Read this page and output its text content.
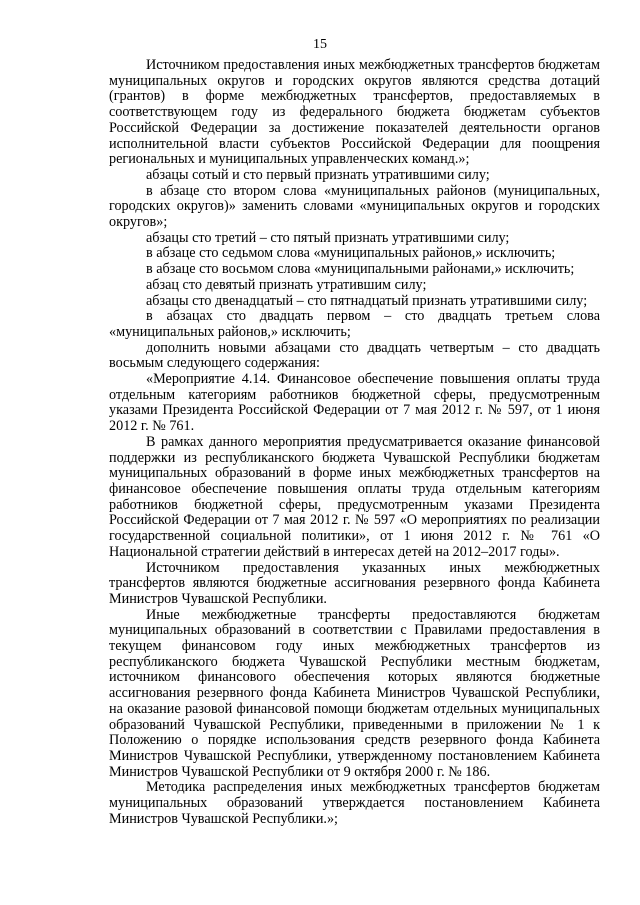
15

Источником предоставления иных межбюджетных трансфертов бюджетам муниципальных округов и городских округов являются средства дотаций (грантов) в форме межбюджетных трансфертов, предоставляемых в соответствующем году из федерального бюджета бюджетам субъектов Российской Федерации за достижение показателей деятельности органов исполнительной власти субъектов Российской Федерации для поощрения региональных и муниципальных управленческих команд.»;

абзацы сотый и сто первый признать утратившими силу;

в абзаце сто втором слова «муниципальных районов (муниципальных, городских округов)» заменить словами «муниципальных округов и городских округов»;

абзацы сто третий – сто пятый признать утратившими силу;

в абзаце сто седьмом слова «муниципальных районов,» исключить;

в абзаце сто восьмом слова «муниципальными районами,» исключить;

абзац сто девятый признать утратившим силу;

абзацы сто двенадцатый – сто пятнадцатый признать утратившими силу;

в абзацах сто двадцать первом – сто двадцать третьем слова «муниципальных районов,» исключить;

дополнить новыми абзацами сто двадцать четвертым – сто двадцать восьмым следующего содержания:

«Мероприятие 4.14. Финансовое обеспечение повышения оплаты труда отдельным категориям работников бюджетной сферы, предусмотренным указами Президента Российской Федерации от 7 мая 2012 г. № 597, от 1 июня 2012 г. № 761.

В рамках данного мероприятия предусматривается оказание финансовой поддержки из республиканского бюджета Чувашской Республики бюджетам муниципальных образований в форме иных межбюджетных трансфертов на финансовое обеспечение повышения оплаты труда отдельным категориям работников бюджетной сферы, предусмотренным указами Президента Российской Федерации от 7 мая 2012 г. № 597 «О мероприятиях по реализации государственной социальной политики», от 1 июня 2012 г. № 761 «О Национальной стратегии действий в интересах детей на 2012–2017 годы».

Источником предоставления указанных иных межбюджетных трансфертов являются бюджетные ассигнования резервного фонда Кабинета Министров Чувашской Республики.

Иные межбюджетные трансферты предоставляются бюджетам муниципальных образований в соответствии с Правилами предоставления в текущем финансовом году иных межбюджетных трансфертов из республиканского бюджета Чувашской Республики местным бюджетам, источником финансового обеспечения которых являются бюджетные ассигнования резервного фонда Кабинета Министров Чувашской Республики, на оказание разовой финансовой помощи бюджетам отдельных муниципальных образований Чувашской Республики, приведенными в приложении № 1 к Положению о порядке использования средств резервного фонда Кабинета Министров Чувашской Республики, утвержденному постановлением Кабинета Министров Чувашской Республики от 9 октября 2000 г. № 186.

Методика распределения иных межбюджетных трансфертов бюджетам муниципальных образований утверждается постановлением Кабинета Министров Чувашской Республики.»;
